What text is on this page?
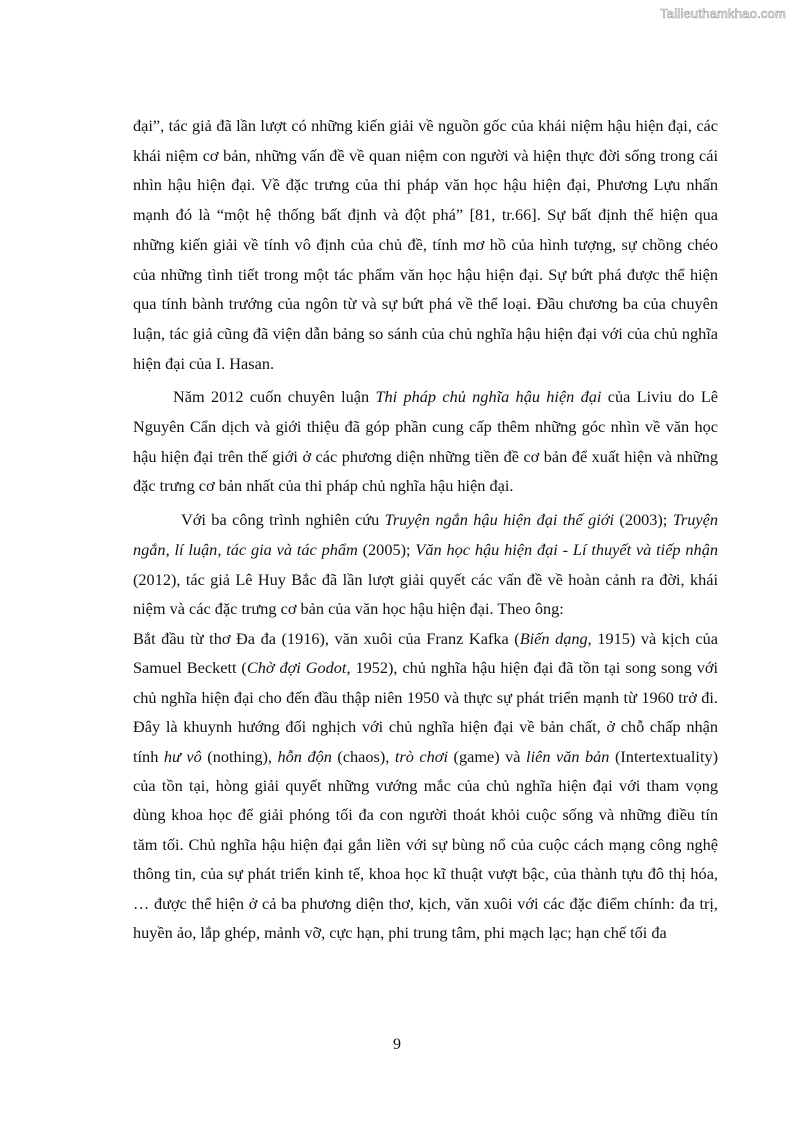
Tailieuthamkhao.com

đại”, tác giả đã lần lượt có những kiến giải về nguồn gốc của khái niệm hậu hiện đại, các khái niệm cơ bản, những vấn đề về quan niệm con người và hiện thực đời sống trong cái nhìn hậu hiện đại. Về đặc trưng của thi pháp văn học hậu hiện đại, Phương Lựu nhấn mạnh đó là “một hệ thống bất định và đột phá” [81, tr.66]. Sự bất định thể hiện qua những kiến giải về tính vô định của chủ đề, tính mơ hồ của hình tượng, sự chồng chéo của những tình tiết trong một tác phẩm văn học hậu hiện đại. Sự bứt phá được thể hiện qua tính bành trướng của ngôn từ và sự bứt phá về thể loại. Đầu chương ba của chuyên luận, tác giả cũng đã viện dẫn bảng so sánh của chủ nghĩa hậu hiện đại với của chủ nghĩa hiện đại của I. Hasan.

Năm 2012 cuốn chuyên luận Thi pháp chủ nghĩa hậu hiện đại của Liviu do Lê Nguyên Cẩn dịch và giới thiệu đã góp phần cung cấp thêm những góc nhìn về văn học hậu hiện đại trên thế giới ở các phương diện những tiền đề cơ bản để xuất hiện và những đặc trưng cơ bản nhất của thi pháp chủ nghĩa hậu hiện đại.

Với ba công trình nghiên cứu Truyện ngắn hậu hiện đại thế giới (2003); Truyện ngắn, lí luận, tác gia và tác phẩm (2005); Văn học hậu hiện đại - Lí thuyết và tiếp nhận (2012), tác giả Lê Huy Bắc đã lần lượt giải quyết các vấn đề về hoàn cảnh ra đời, khái niệm và các đặc trưng cơ bản của văn học hậu hiện đại. Theo ông:

Bắt đầu từ thơ Đa đa (1916), văn xuôi của Franz Kafka (Biến dạng, 1915) và kịch của Samuel Beckett (Chờ đợi Godot, 1952), chủ nghĩa hậu hiện đại đã tồn tại song song với chủ nghĩa hiện đại cho đến đầu thập niên 1950 và thực sự phát triển mạnh từ 1960 trở đi. Đây là khuynh hướng đối nghịch với chủ nghĩa hiện đại về bản chất, ở chỗ chấp nhận tính hư vô (nothing), hỗn độn (chaos), trò chơi (game) và liên văn bản (Intertextuality) của tồn tại, hòng giải quyết những vướng mắc của chủ nghĩa hiện đại với tham vọng dùng khoa học để giải phóng tối đa con người thoát khỏi cuộc sống và những điều tín tăm tối. Chủ nghĩa hậu hiện đại gắn liền với sự bùng nổ của cuộc cách mạng công nghệ thông tin, của sự phát triển kinh tế, khoa học kĩ thuật vượt bậc, của thành tựu đô thị hóa, … được thể hiện ở cả ba phương diện thơ, kịch, văn xuôi với các đặc điểm chính: đa trị, huyền ảo, lắp ghép, mảnh vỡ, cực hạn, phi trung tâm, phi mạch lạc; hạn chế tối đa

9
